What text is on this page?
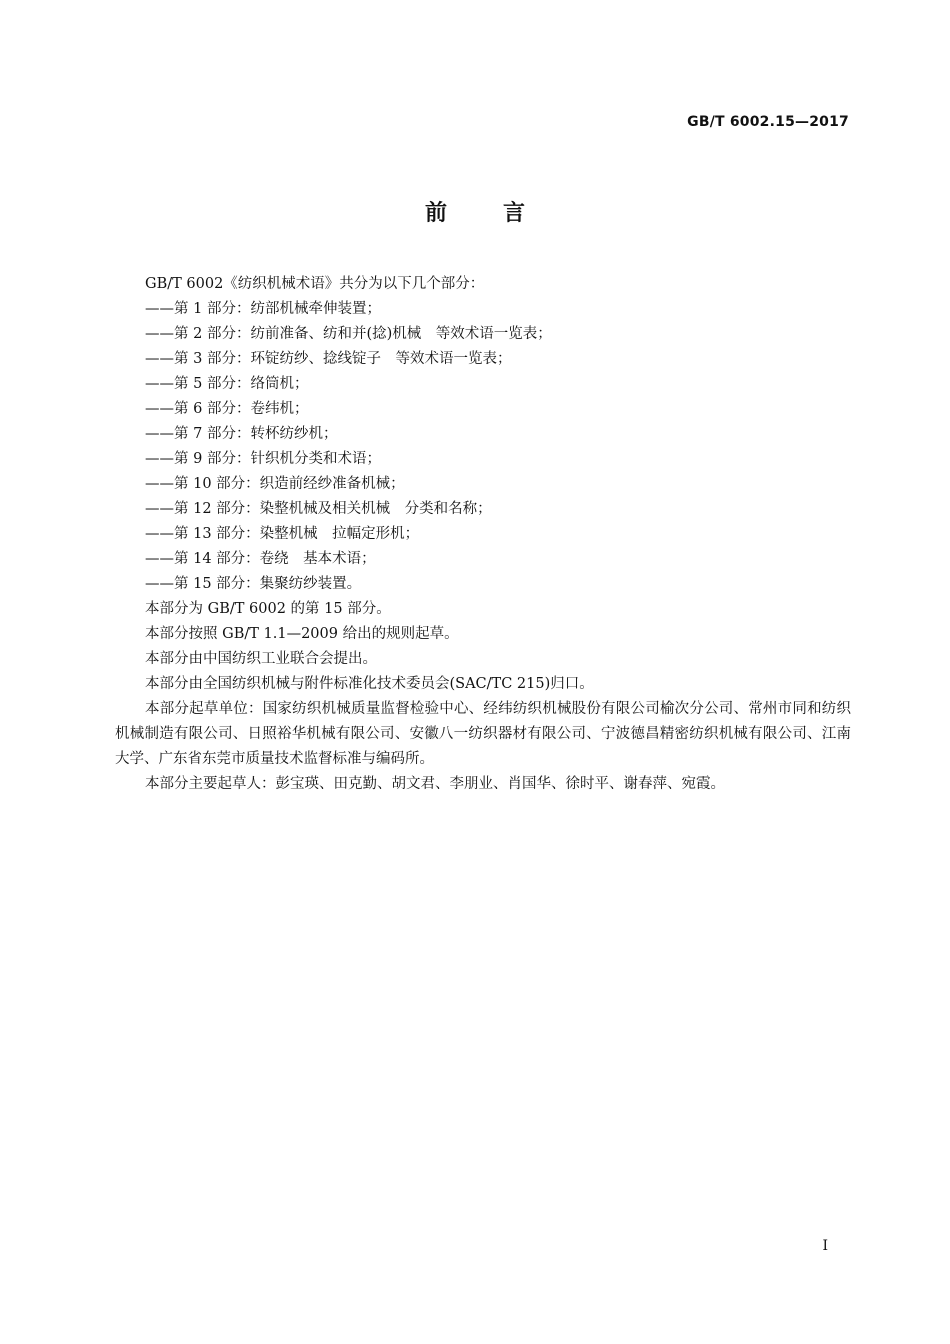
GB/T 6002.15—2017
前言

GB/T 6002《纺织机械术语》共分为以下几个部分：

——第 1 部分：纺部机械牵伸装置；

——第 2 部分：纺前准备、纺和并(捻)机械　等效术语一览表；

——第 3 部分：环锭纺纱、捻线锭子　等效术语一览表；

——第 5 部分：络筒机；

——第 6 部分：卷纬机；

——第 7 部分：转杯纺纱机；

——第 9 部分：针织机分类和术语；

——第 10 部分：织造前经纱准备机械；

——第 12 部分：染整机械及相关机械　分类和名称；

——第 13 部分：染整机械　拉幅定形机；

——第 14 部分：卷绕　基本术语；

——第 15 部分：集聚纺纱装置。

本部分为 GB/T 6002 的第 15 部分。

本部分按照 GB/T 1.1—2009 给出的规则起草。

本部分由中国纺织工业联合会提出。

本部分由全国纺织机械与附件标准化技术委员会(SAC/TC 215)归口。

本部分起草单位：国家纺织机械质量监督检验中心、经纬纺织机械股份有限公司榆次分公司、常州市同和纺织机械制造有限公司、日照裕华机械有限公司、安徽八一纺织器材有限公司、宁波德昌精密纺织机械有限公司、江南大学、广东省东莞市质量技术监督标准与编码所。

本部分主要起草人：彭宝瑛、田克勤、胡文君、李朋业、肖国华、徐时平、谢春萍、宛霞。

I
